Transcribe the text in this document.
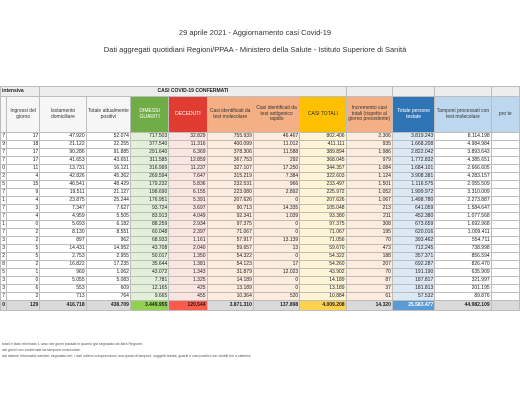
29 aprile 2021 - Aggiornamento casi Covid-19
Dati aggregati quotidiani Regioni/PPAA - Ministero della Salute - Istituto Superiore di Sanità
intensiva		CASI COVID-19 CONFERMATI										
	Ingressi del giorno	Isolamento domiciliare	Totale attualmente positivi	DIMESSI GUARITI	DECEDUTI	Casi identificati da test molecolare	Casi identificati da test antigenico rapido	CASI TOTALI	Incremento casi totali (rispetto al giorno precedente)	Totale persone testate	Tamponi processati con test molecolare	pro te
7	17	47.920	52.074	717.503	32.829	755.939	46.467	802.406	2.306	3.819.243	8.114.198	
9	18	21.122	22.255	377.540	11.316	400.099	11.012	411.111	935	1.668.208	4.984.984	
7	17	90.286	91.885	291.640	6.369	378.306	11.588	389.894	1.986	2.822.042	3.893.643	
7	17	41.653	43.651	311.585	12.859	367.753	292	368.045	979	1.772.832	4.385.651	
0	11	13.731	16.121	316.999	11.237	327.107	17.250	344.357	1.084	1.684.101	2.666.605	
2	4	42.826	45.362	269.594	7.647	315.219	7.384	322.603	1.124	3.908.381	4.283.157	
5	15	46.541	48.429	179.232	5.836	232.531	966	233.497	1.501	1.116.575	2.055.509	
7	9	19.511	21.127	198.690	6.155	223.080	2.892	225.972	1.052	1.999.972	3.310.009	
1	4	23.875	25.244	176.951	5.391	207.626	0	207.626	1.067	1.498.780	2.273.887	
7	3	7.347	7.627	93.724	3.697	90.713	14.335	105.048	213	641.059	1.584.647	
7	4	4.959	5.505	83.913	4.049	92.341	1.039	93.380	211	452.380	1.077.568	
1	0	5.693	6.182	88.259	2.934	97.375	0	97.375	308	673.659	1.692.968	
7	2	8.130	8.551	60.048	2.397	71.067	0	71.067	195	620.016	1.009.411	
3	2	897	962	68.933	1.161	57.917	13.139	71.056	70	393.462	554.711	
3	5	14.431	14.952	43.708	2.040	59.657	13	59.670	473	712.245	738.998	
2	5	2.753	2.955	50.017	1.350	54.322	0	54.322	188	357.371	856.594	
8	2	16.822	17.235	35.644	1.381	54.123	17	54.260	207	692.287	826.470	
5	1	969	1.062	43.072	1.343	31.879	12.023	43.902	70	191.190	635.909	
3	0	5.055	5.083	7.781	1.325	14.189	0	14.189	87	187.817	321.997	
3	6	553	609	12.165	425	13.189	0	13.189	37	181.813	201.195	
7	2	713	764	9.665	455	10.364	520	10.884	61	57.532	89.876	
0	129	416.718	438.709	3.449.955	120.544	3.871.310	137.898	4.009.208	14.320	25.583.477	44.982.109	
totali è stato eliminato 1 caso dei giorni passati in quanto già segnalato da altra Regione.
dai giorni non confermati da tampone molecolare.
dai sistemi informativi sanitari, segnalato ieri, i dati odierni comprendono una quota di tamponi, soggetti testati, guariti e casi positivi non visibili ieri a sistema.
